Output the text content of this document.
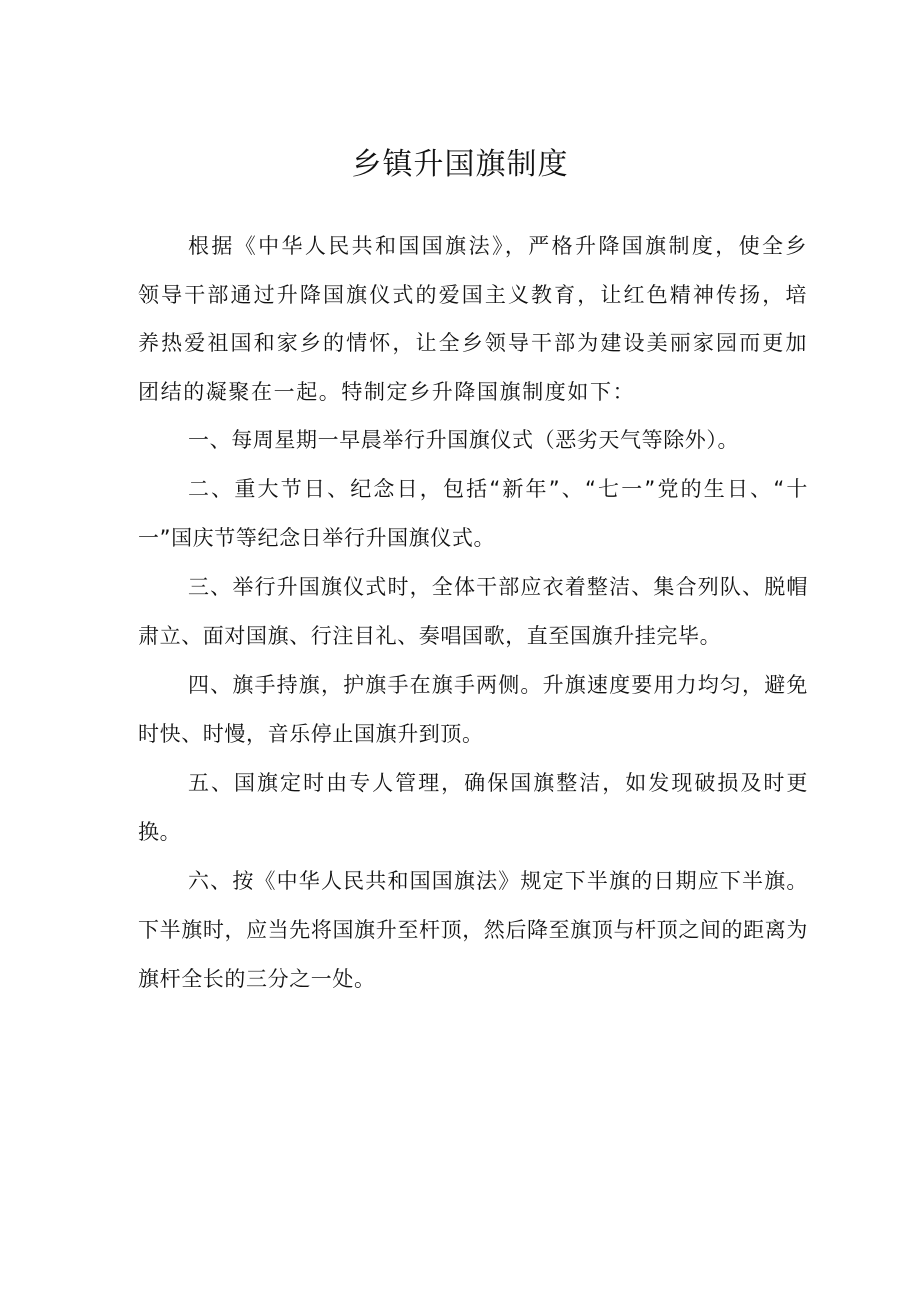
乡镇升国旗制度

根据《中华人民共和国国旗法》，严格升降国旗制度，使全乡领导干部通过升降国旗仪式的爱国主义教育，让红色精神传扬，培养热爱祖国和家乡的情怀，让全乡领导干部为建设美丽家园而更加团结的凝聚在一起。特制定乡升降国旗制度如下：

一、每周星期一早晨举行升国旗仪式（恶劣天气等除外）。

二、重大节日、纪念日，包括“新年”、“七一”党的生日、“十一”国庆节等纪念日举行升国旗仪式。

三、举行升国旗仪式时，全体干部应衣着整洁、集合列队、脱帽肃立、面对国旗、行注目礼、奏唱国歌，直至国旗升挂完毕。

四、旗手持旗，护旗手在旗手两侧。升旗速度要用力均匀，避免时快、时慢，音乐停止国旗升到顶。

五、国旗定时由专人管理，确保国旗整洁，如发现破损及时更换。

六、按《中华人民共和国国旗法》规定下半旗的日期应下半旗。下半旗时，应当先将国旗升至杆顶，然后降至旗顶与杆顶之间的距离为旗杆全长的三分之一处。
